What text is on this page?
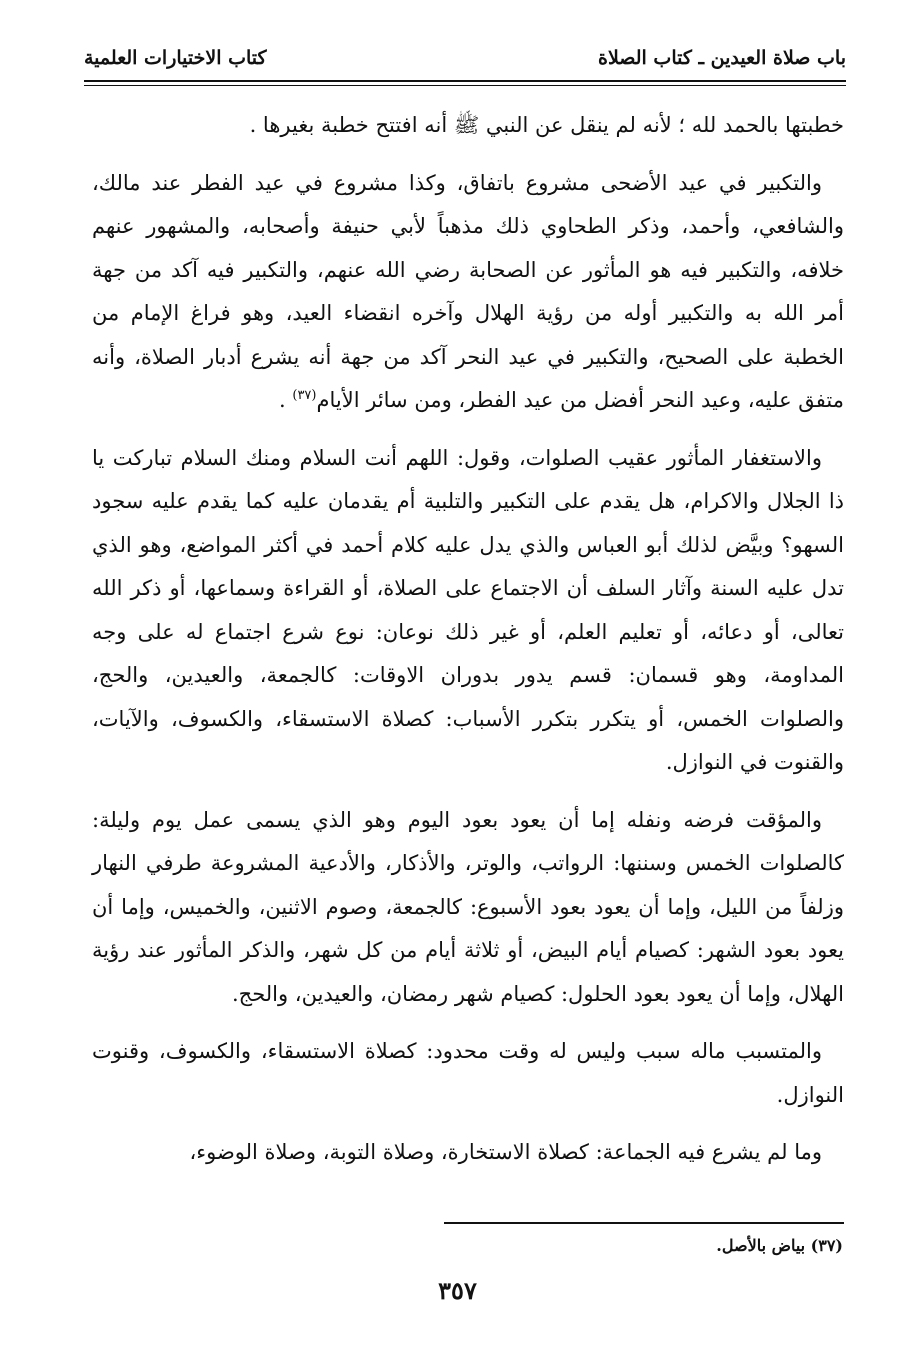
باب صلاة العيدين ـ كتاب الصلاة
كتاب الاختيارات العلمية

خطبتها بالحمد لله ؛ لأنه لم ينقل عن النبي ﷺ أنه افتتح خطبة بغيرها .

والتكبير في عيد الأضحى مشروع باتفاق، وكذا مشروع في عيد الفطر عند مالك، والشافعي، وأحمد، وذكر الطحاوي ذلك مذهباً لأبي حنيفة وأصحابه، والمشهور عنهم خلافه، والتكبير فيه هو المأثور عن الصحابة رضي الله عنهم، والتكبير فيه آكد من جهة أمر الله به والتكبير أوله من رؤية الهلال وآخره انقضاء العيد، وهو فراغ الإمام من الخطبة على الصحيح، والتكبير في عيد النحر آكد من جهة أنه يشرع أدبار الصلاة، وأنه متفق عليه، وعيد النحر أفضل من عيد الفطر، ومن سائر الأيام$^{(٣٧)}$ .

والاستغفار المأثور عقيب الصلوات، وقول: اللهم أنت السلام ومنك السلام تباركت يا ذا الجلال والاكرام، هل يقدم على التكبير والتلبية أم يقدمان عليه كما يقدم عليه سجود السهو؟ وبيَّض لذلك أبو العباس والذي يدل عليه كلام أحمد في أكثر المواضع، وهو الذي تدل عليه السنة وآثار السلف أن الاجتماع على الصلاة، أو القراءة وسماعها، أو ذكر الله تعالى، أو دعائه، أو تعليم العلم، أو غير ذلك نوعان: نوع شرع اجتماع له على وجه المداومة، وهو قسمان: قسم يدور بدوران الاوقات: كالجمعة، والعيدين، والحج، والصلوات الخمس، أو يتكرر بتكرر الأسباب: كصلاة الاستسقاء، والكسوف، والآيات، والقنوت في النوازل.

والمؤقت فرضه ونفله إما أن يعود بعود اليوم وهو الذي يسمى عمل يوم وليلة: كالصلوات الخمس وسننها: الرواتب، والوتر، والأذكار، والأدعية المشروعة طرفي النهار وزلفاً من الليل، وإما أن يعود بعود الأسبوع: كالجمعة، وصوم الاثنين، والخميس، وإما أن يعود بعود الشهر: كصيام أيام البيض، أو ثلاثة أيام من كل شهر، والذكر المأثور عند رؤية الهلال، وإما أن يعود بعود الحلول: كصيام شهر رمضان، والعيدين، والحج.

والمتسبب ماله سبب وليس له وقت محدود: كصلاة الاستسقاء، والكسوف، وقنوت النوازل.

وما لم يشرع فيه الجماعة: كصلاة الاستخارة، وصلاة التوبة، وصلاة الوضوء،

(٣٧) بياض بالأصل.
٣٥٧
